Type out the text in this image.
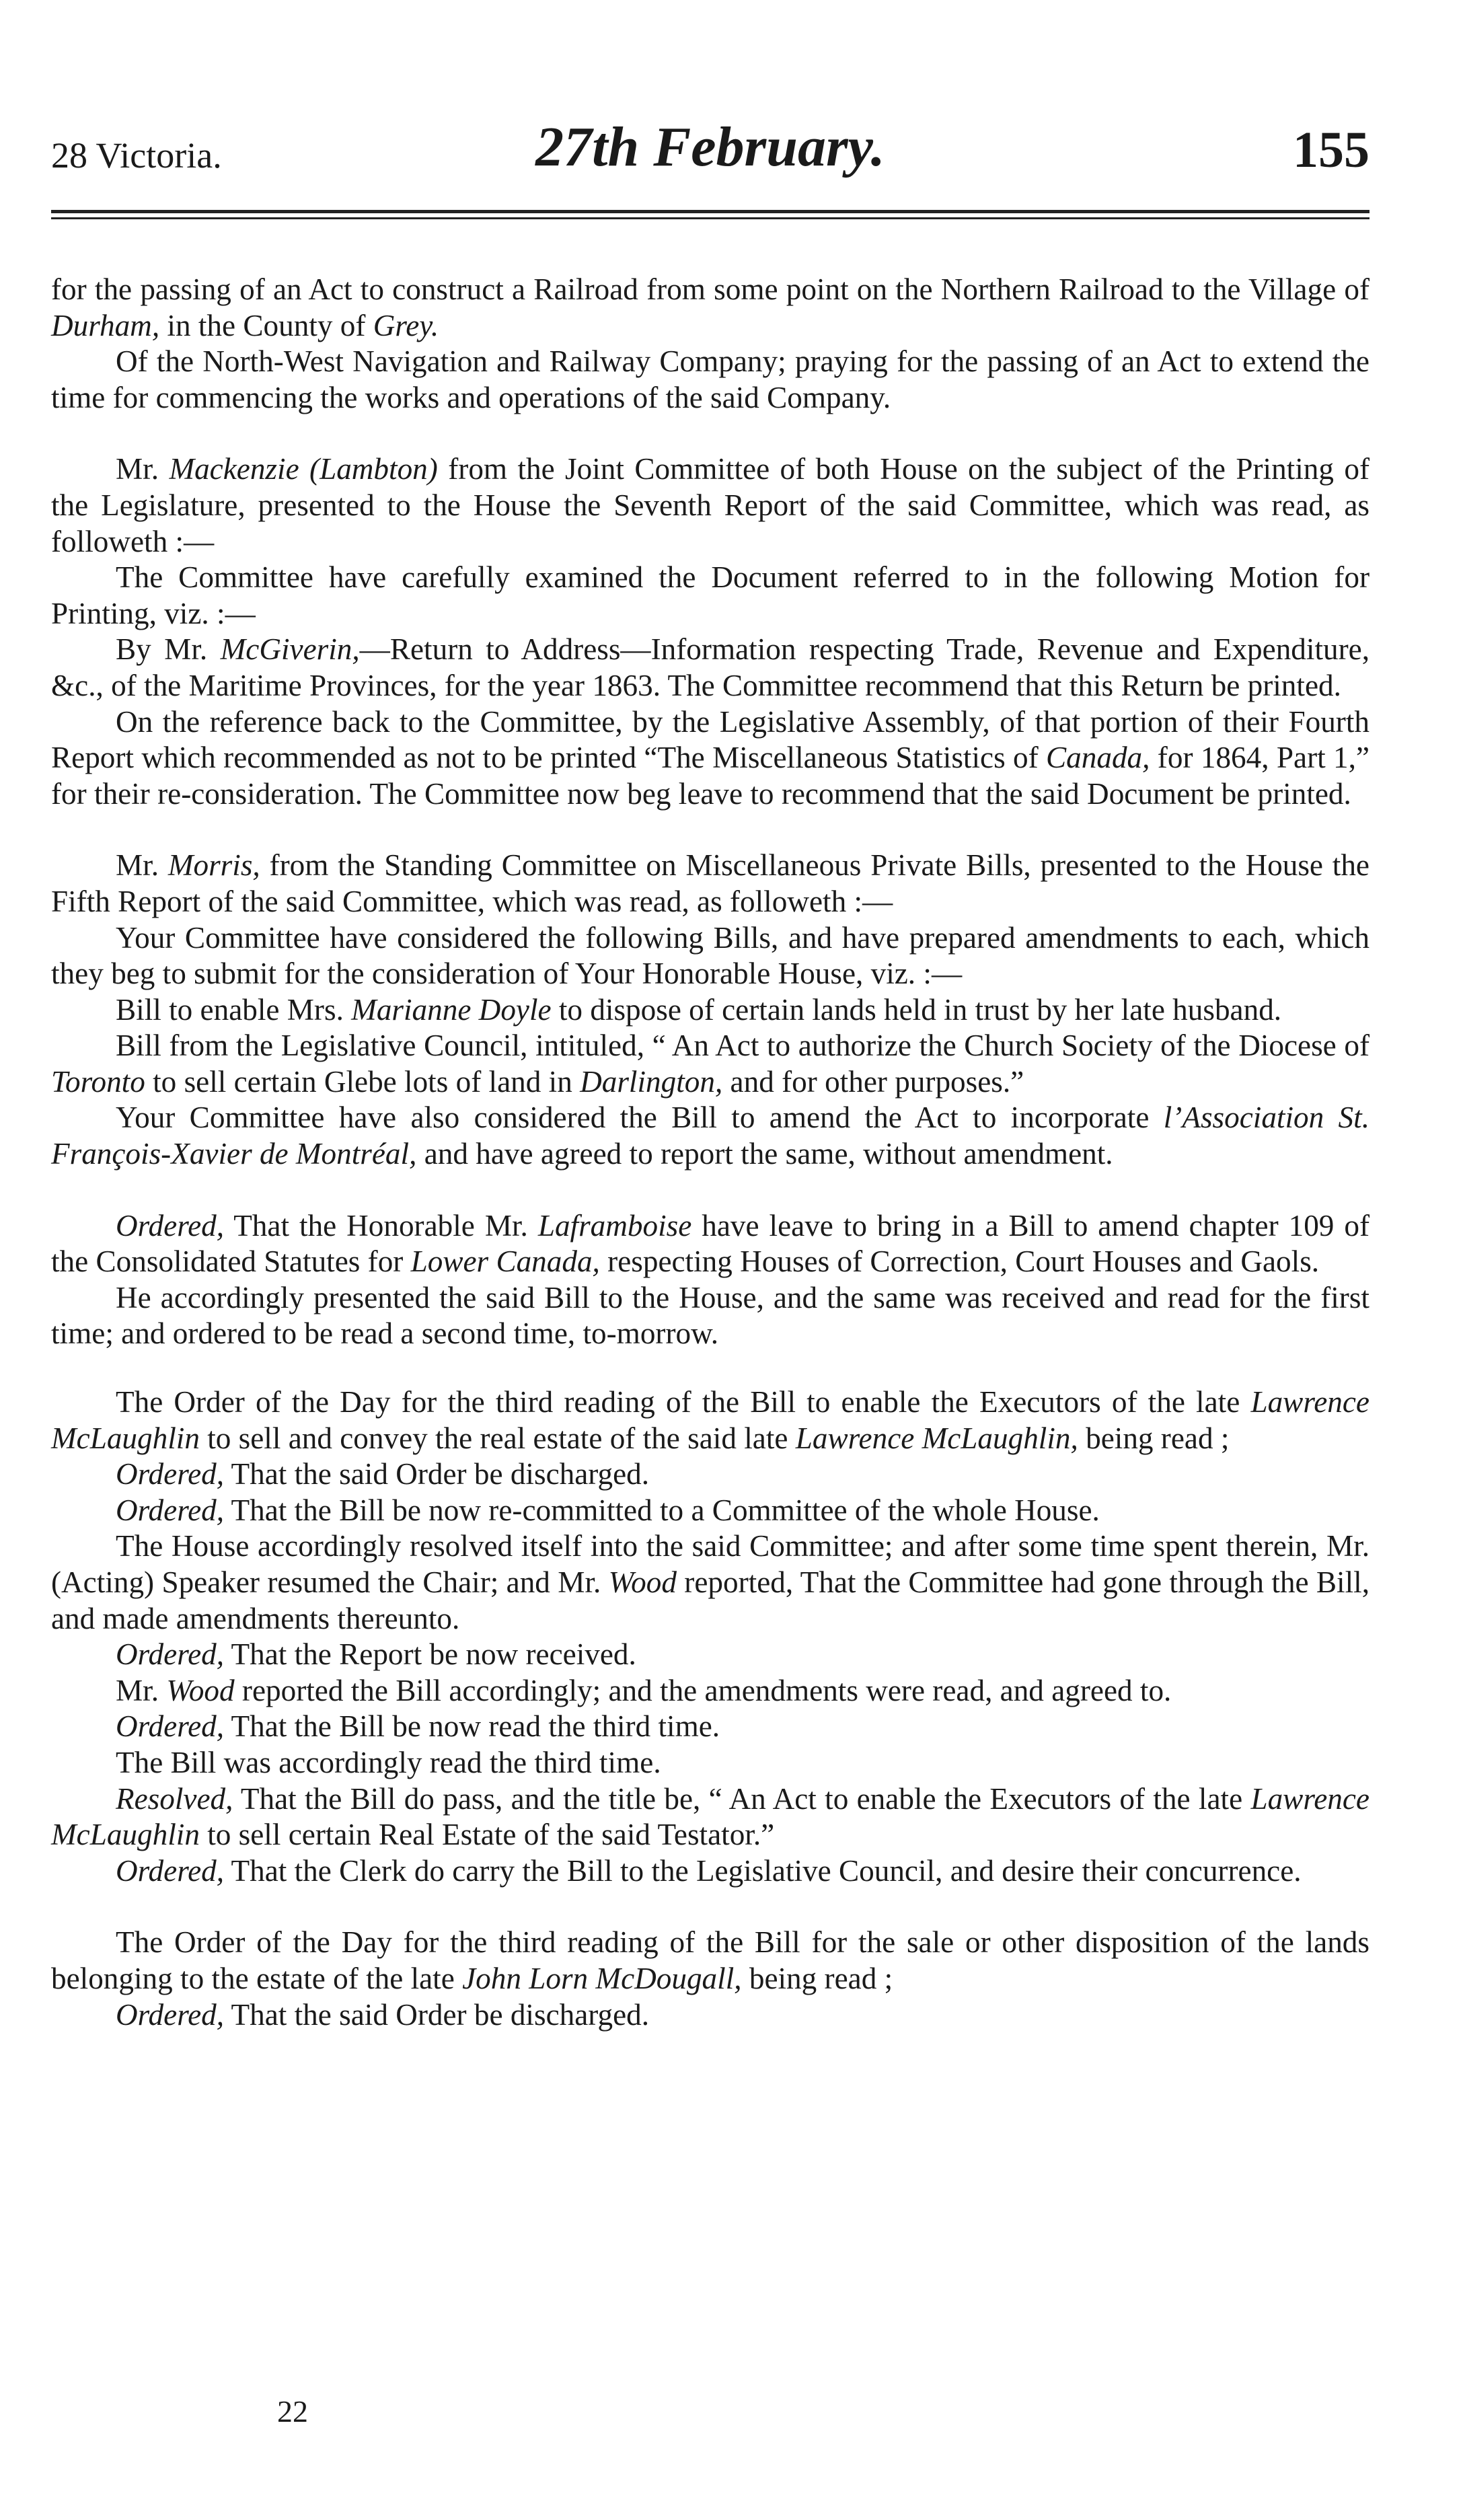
28 Victoria.	27th February.	155

for the passing of an Act to construct a Railroad from some point on the Northern Railroad to the Village of Durham, in the County of Grey.

Of the North-West Navigation and Railway Company; praying for the passing of an Act to extend the time for commencing the works and operations of the said Company.

Mr. Mackenzie (Lambton) from the Joint Committee of both House on the subject of the Printing of the Legislature, presented to the House the Seventh Report of the said Committee, which was read, as followeth :—

The Committee have carefully examined the Document referred to in the following Motion for Printing, viz. :—

By Mr. McGiverin,—Return to Address—Information respecting Trade, Revenue and Expenditure, &c., of the Maritime Provinces, for the year 1863. The Committee recommend that this Return be printed.

On the reference back to the Committee, by the Legislative Assembly, of that portion of their Fourth Report which recommended as not to be printed “The Miscellaneous Statistics of Canada, for 1864, Part 1,” for their re-consideration. The Committee now beg leave to recommend that the said Document be printed.

Mr. Morris, from the Standing Committee on Miscellaneous Private Bills, presented to the House the Fifth Report of the said Committee, which was read, as followeth :—

Your Committee have considered the following Bills, and have prepared amendments to each, which they beg to submit for the consideration of Your Honorable House, viz. :—

Bill to enable Mrs. Marianne Doyle to dispose of certain lands held in trust by her late husband.

Bill from the Legislative Council, intituled, “ An Act to authorize the Church Society of the Diocese of Toronto to sell certain Glebe lots of land in Darlington, and for other purposes.”

Your Committee have also considered the Bill to amend the Act to incorporate l’Association St. François-Xavier de Montréal, and have agreed to report the same, without amendment.

Ordered, That the Honorable Mr. Laframboise have leave to bring in a Bill to amend chapter 109 of the Consolidated Statutes for Lower Canada, respecting Houses of Correction, Court Houses and Gaols.

He accordingly presented the said Bill to the House, and the same was received and read for the first time; and ordered to be read a second time, to-morrow.

The Order of the Day for the third reading of the Bill to enable the Executors of the late Lawrence McLaughlin to sell and convey the real estate of the said late Lawrence McLaughlin, being read ;

Ordered, That the said Order be discharged.

Ordered, That the Bill be now re-committed to a Committee of the whole House.

The House accordingly resolved itself into the said Committee; and after some time spent therein, Mr. (Acting) Speaker resumed the Chair; and Mr. Wood reported, That the Committee had gone through the Bill, and made amendments thereunto.

Ordered, That the Report be now received.

Mr. Wood reported the Bill accordingly; and the amendments were read, and agreed to.

Ordered, That the Bill be now read the third time.

The Bill was accordingly read the third time.

Resolved, That the Bill do pass, and the title be, “ An Act to enable the Executors of the late Lawrence McLaughlin to sell certain Real Estate of the said Testator.”

Ordered, That the Clerk do carry the Bill to the Legislative Council, and desire their concurrence.

The Order of the Day for the third reading of the Bill for the sale or other disposition of the lands belonging to the estate of the late John Lorn McDougall, being read ;

Ordered, That the said Order be discharged.

22
